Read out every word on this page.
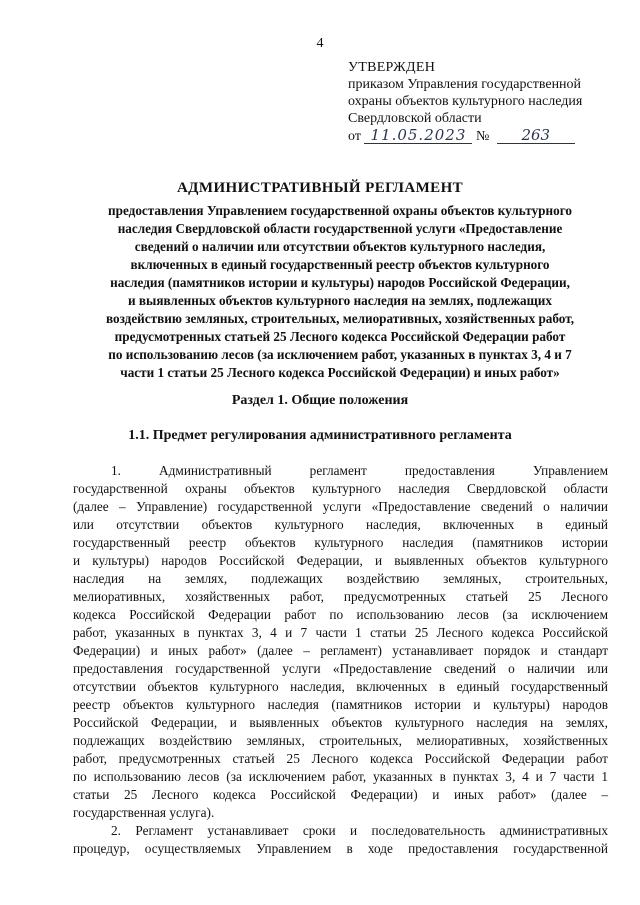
4
УТВЕРЖДЕН
приказом Управления государственной
охраны объектов культурного наследия
Свердловской области
от 11.05.2023 № 263
АДМИНИСТРАТИВНЫЙ РЕГЛАМЕНТ
предоставления Управлением государственной охраны объектов культурного
наследия Свердловской области государственной услуги «Предоставление
сведений о наличии или отсутствии объектов культурного наследия,
включенных в единый государственный реестр объектов культурного
наследия (памятников истории и культуры) народов Российской Федерации,
и выявленных объектов культурного наследия на землях, подлежащих
воздействию земляных, строительных, мелиоративных, хозяйственных работ,
предусмотренных статьей 25 Лесного кодекса Российской Федерации работ
по использованию лесов (за исключением работ, указанных в пунктах 3, 4 и 7
части 1 статьи 25 Лесного кодекса Российской Федерации) и иных работ»
Раздел 1. Общие положения
1.1. Предмет регулирования административного регламента
1. Административный регламент предоставления Управлением
государственной охраны объектов культурного наследия Свердловской области
(далее – Управление) государственной услуги «Предоставление сведений о наличии
или отсутствии объектов культурного наследия, включенных в единый
государственный реестр объектов культурного наследия (памятников истории
и культуры) народов Российской Федерации, и выявленных объектов культурного
наследия на землях, подлежащих воздействию земляных, строительных,
мелиоративных, хозяйственных работ, предусмотренных статьей 25 Лесного
кодекса Российской Федерации работ по использованию лесов (за исключением
работ, указанных в пунктах 3, 4 и 7 части 1 статьи 25 Лесного кодекса Российской
Федерации) и иных работ» (далее – регламент) устанавливает порядок и стандарт
предоставления государственной услуги «Предоставление сведений о наличии или
отсутствии объектов культурного наследия, включенных в единый государственный
реестр объектов культурного наследия (памятников истории и культуры) народов
Российской Федерации, и выявленных объектов культурного наследия на землях,
подлежащих воздействию земляных, строительных, мелиоративных, хозяйственных
работ, предусмотренных статьей 25 Лесного кодекса Российской Федерации работ
по использованию лесов (за исключением работ, указанных в пунктах 3, 4 и 7 части 1
статьи 25 Лесного кодекса Российской Федерации) и иных работ» (далее –
государственная услуга).
2. Регламент устанавливает сроки и последовательность административных
процедур, осуществляемых Управлением в ходе предоставления государственной
